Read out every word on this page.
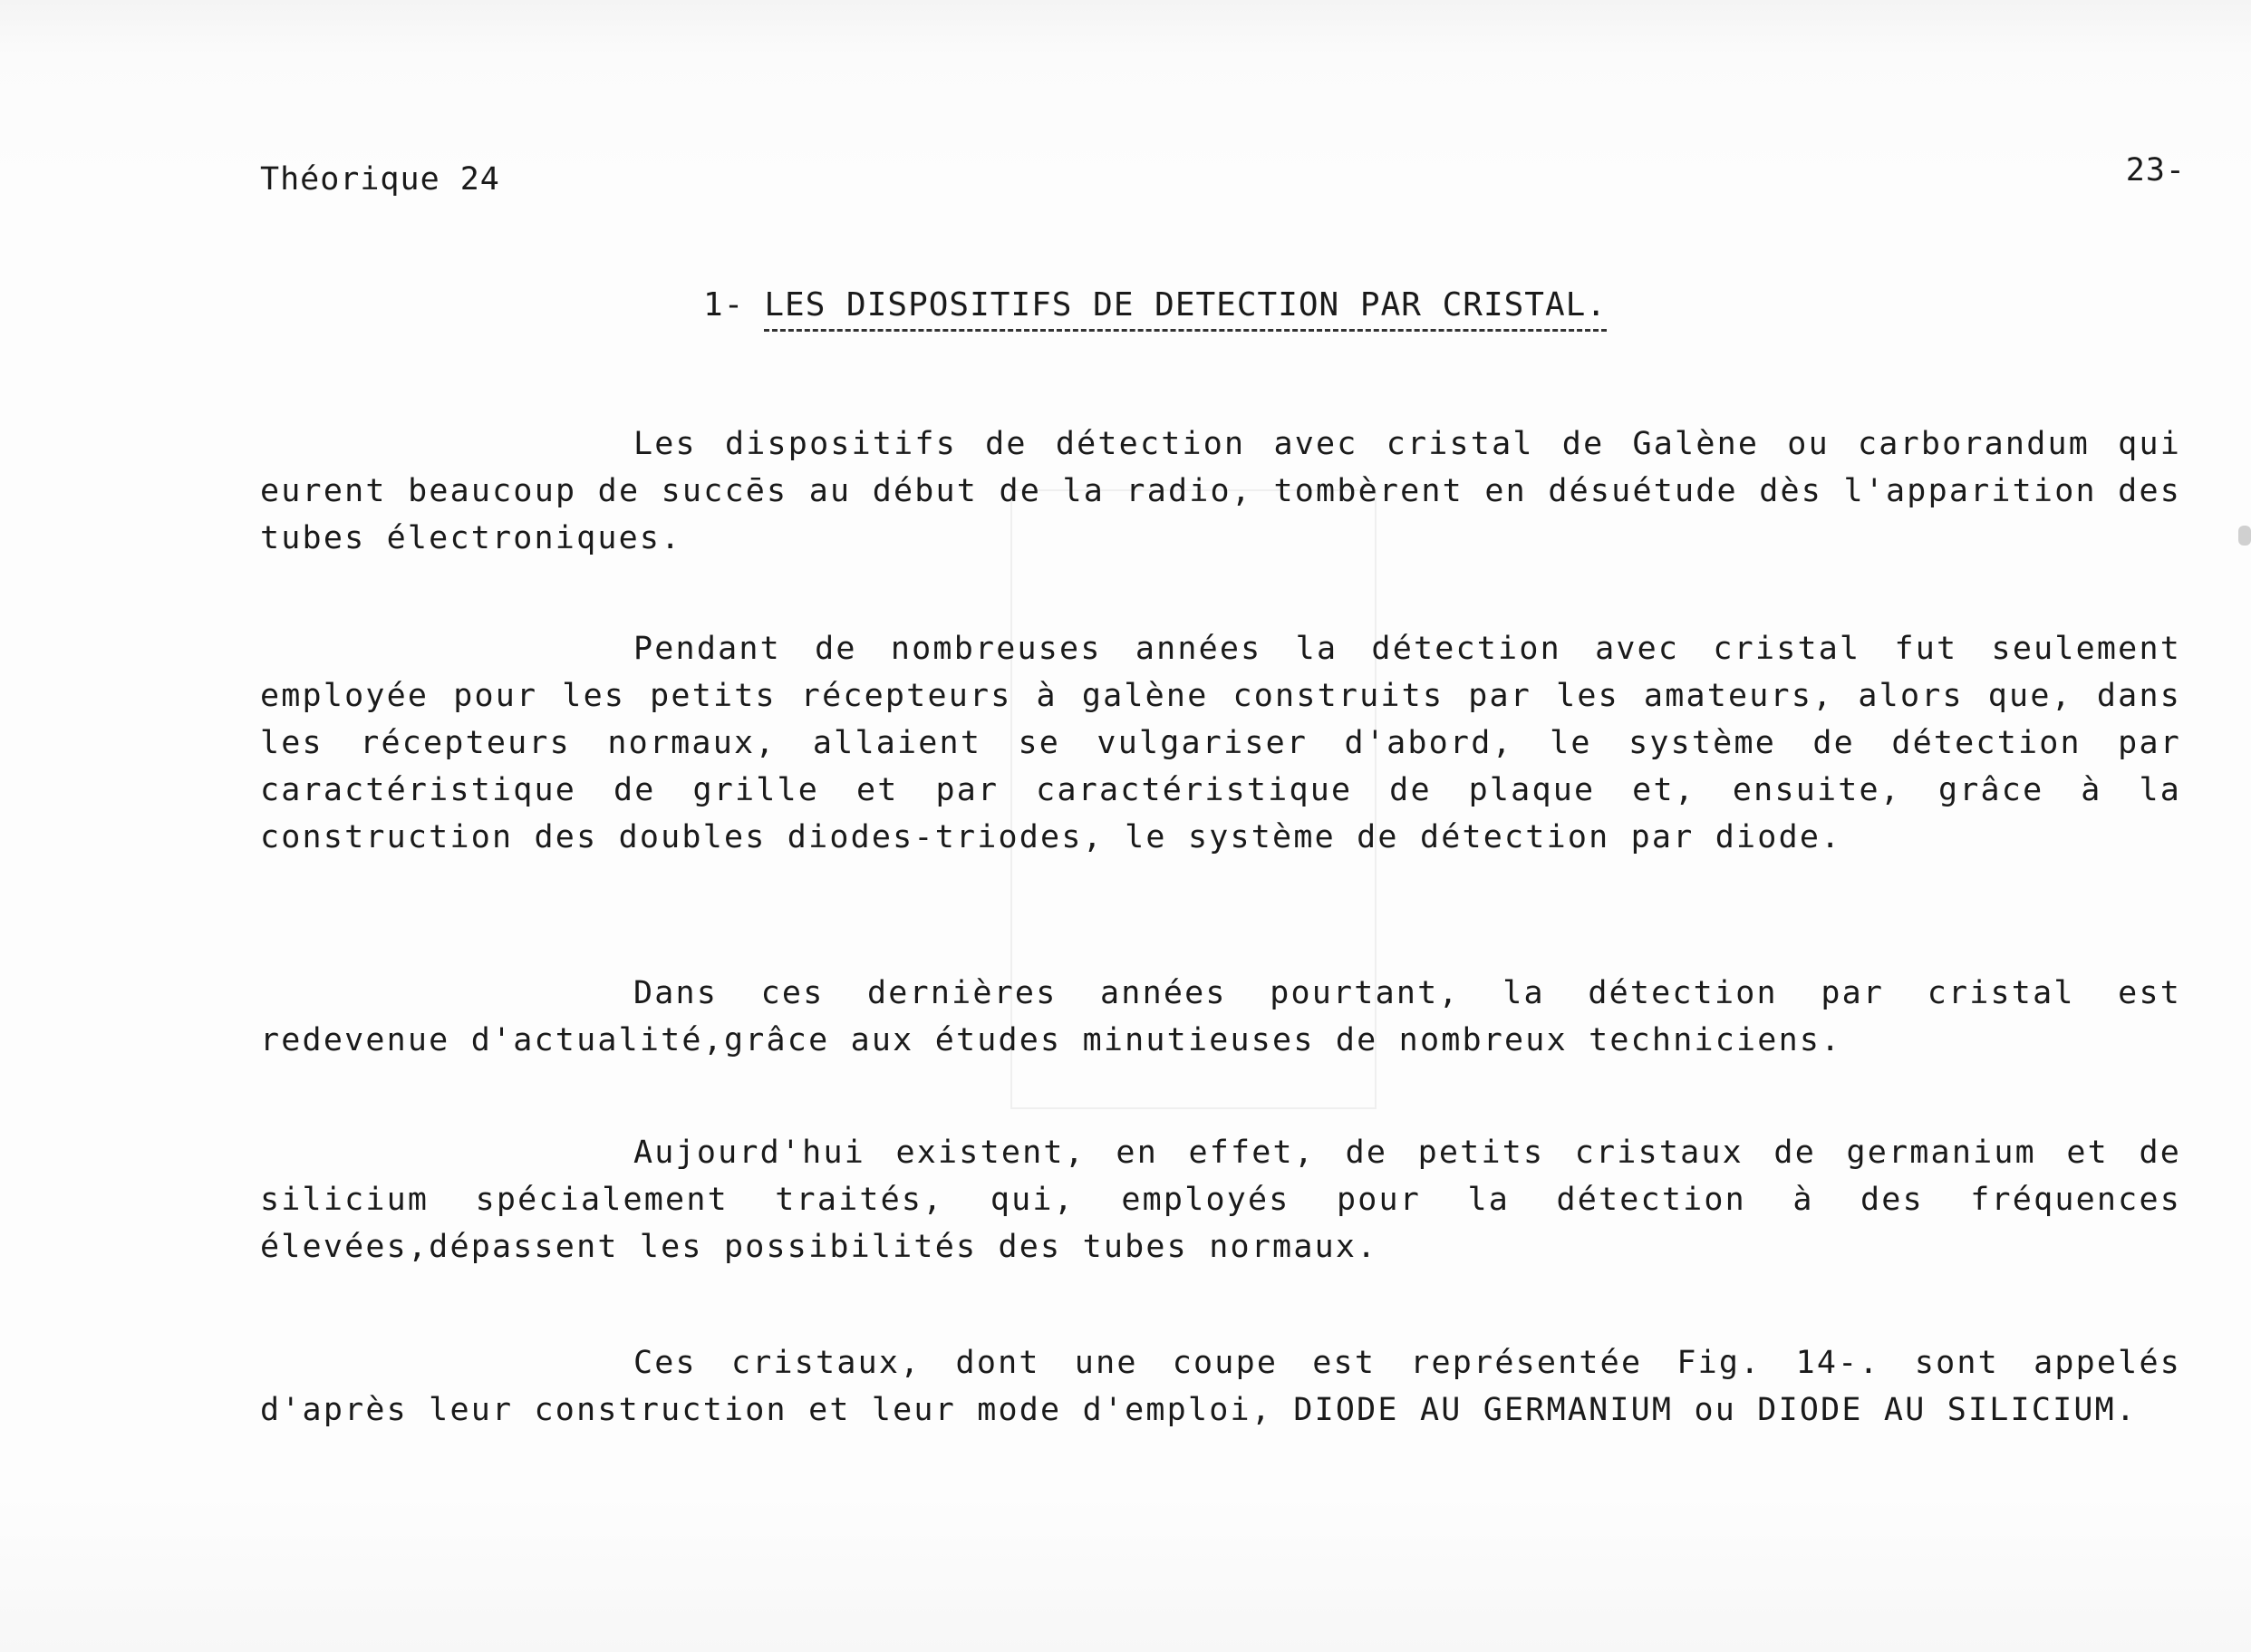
Théorique 24	23-
1- LES DISPOSITIFS DE DETECTION PAR CRISTAL.

Les dispositifs de détection avec cristal de Galène ou carborandum qui eurent beaucoup de succēs au début de la radio, tombèrent en désuétude dès l'apparition des tubes électroniques.

Pendant de nombreuses années la détection avec cristal fut seulement employée pour les petits récepteurs à galène construits par les amateurs, alors que, dans les récepteurs normaux, allaient se vulgariser d'abord, le système de détection par caractéristique de grille et par caractéristique de plaque et, ensuite, grâce à la construction des doubles diodes-triodes, le système de détection par diode.

Dans ces dernières années pourtant, la détection par cristal est redevenue d'actualité,grâce aux études minutieuses de nombreux techniciens.

Aujourd'hui existent, en effet, de petits cristaux de germanium et de silicium spécialement traités, qui, employés pour la détection à des fréquences élevées,dépassent les possibilités des tubes normaux.

Ces cristaux, dont une coupe est représentée Fig. 14-. sont appelés d'après leur construction et leur mode d'emploi, DIODE AU GERMANIUM ou DIODE AU SILICIUM.
